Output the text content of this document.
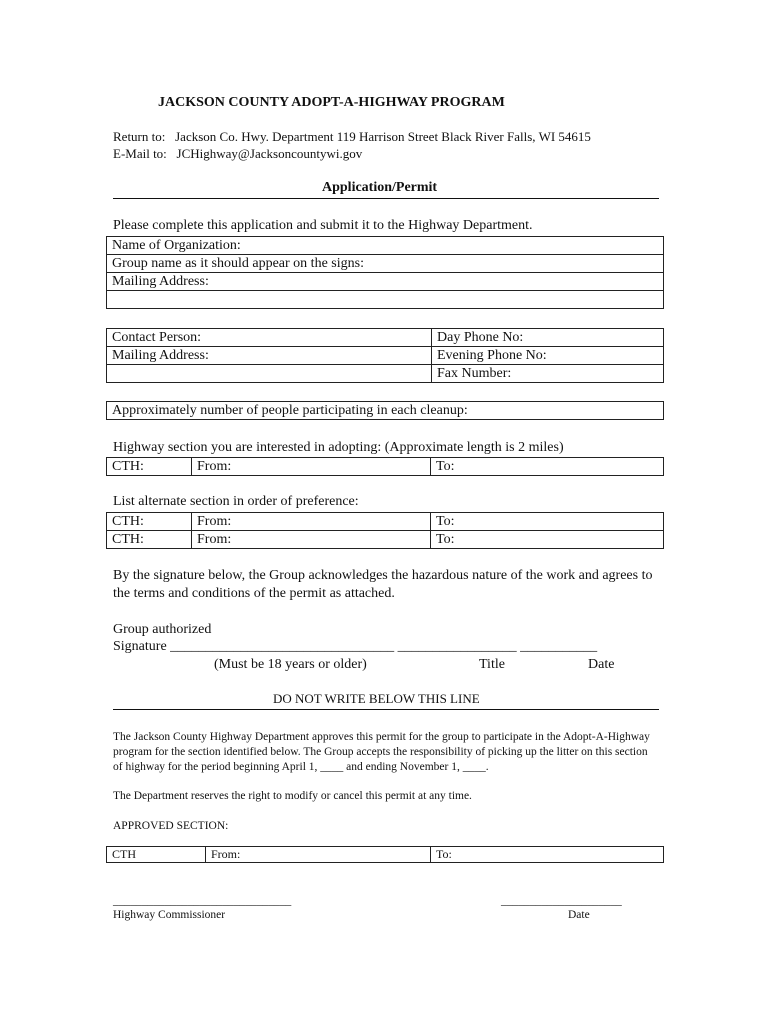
JACKSON COUNTY ADOPT-A-HIGHWAY PROGRAM
Return to: Jackson Co. Hwy. Department 119 Harrison Street Black River Falls, WI 54615
E-Mail to: JCHighway@Jacksoncountywi.gov
Application/Permit
Please complete this application and submit it to the Highway Department.
Name of Organization:
Group name as it should appear on the signs:
Mailing Address:

Contact Person:	Day Phone No:
Mailing Address:	Evening Phone No:
	Fax Number:
Approximately number of people participating in each cleanup:
Highway section you are interested in adopting: (Approximate length is 2 miles)
CTH:	From:	To:
List alternate section in order of preference:
CTH:	From:	To:
CTH:	From:	To:
By the signature below, the Group acknowledges the hazardous nature of the work and agrees to the terms and conditions of the permit as attached.
Group authorized
Signature ________________________________ _________________ ___________
(Must be 18 years or older)	Title	Date
DO NOT WRITE BELOW THIS LINE
The Jackson County Highway Department approves this permit for the group to participate in the Adopt-A-Highway program for the section identified below. The Group accepts the responsibility of picking up the litter on this section of highway for the period beginning April 1, ____ and ending November 1, ____.
The Department reserves the right to modify or cancel this permit at any time.
APPROVED SECTION:
CTH	From:	To:
_______________________________
Highway Commissioner
_____________________
Date
